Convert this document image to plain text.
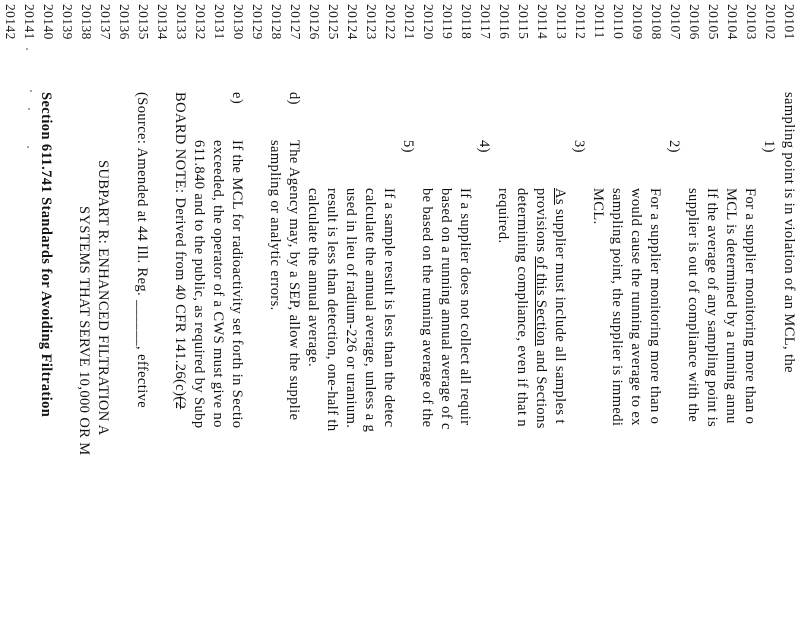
20101
20102
20103
20104
20105
20106
20107
20108
20109
20110
20111
20112
20113
20114
20115
20116
20117
20118
20119
20120
20121
20122
20123
20124
20125
20126
20127
20128
20129
20130
20131
20132
20133
20134
20135
20136
20137
20138
20139
20140
20141
20142
sampling point is in violation of an MCL, the
1)
For a supplier monitoring more than o
MCL is determined by a running annu
If the average of any sampling point is
supplier is out of compliance with the
2)
For a supplier monitoring more than o
would cause the running average to ex
sampling point, the supplier is immedi
MCL.
3)
As supplier must include all samples t
provisions of this Section and Sections
determining compliance, even if that n
required.
4)
If a supplier does not collect all requir
based on a running annual average of c
be based on the running average of the
5)
If a sample result is less than the detec
calculate the annual average, unless a g
used in lieu of radium-226 or uranium.
result is less than detection, one-half th
calculate the annual average.
d)
The Agency may, by a SEP, allow the supplie
sampling or analytic errors.
e)
If the MCL for radioactivity set forth in Sectio
exceeded, the operator of a CWS must give no
611.840 and to the public, as required by Subp
BOARD NOTE: Derived from 40 CFR 141.26(c)(2
(Source: Amended at 44 Ill. Reg. ______, effective
SUBPART R: ENHANCED FILTRATION A
SYSTEMS THAT SERVE 10,000 OR M
Section 611.741 Standards for Avoiding Filtration
